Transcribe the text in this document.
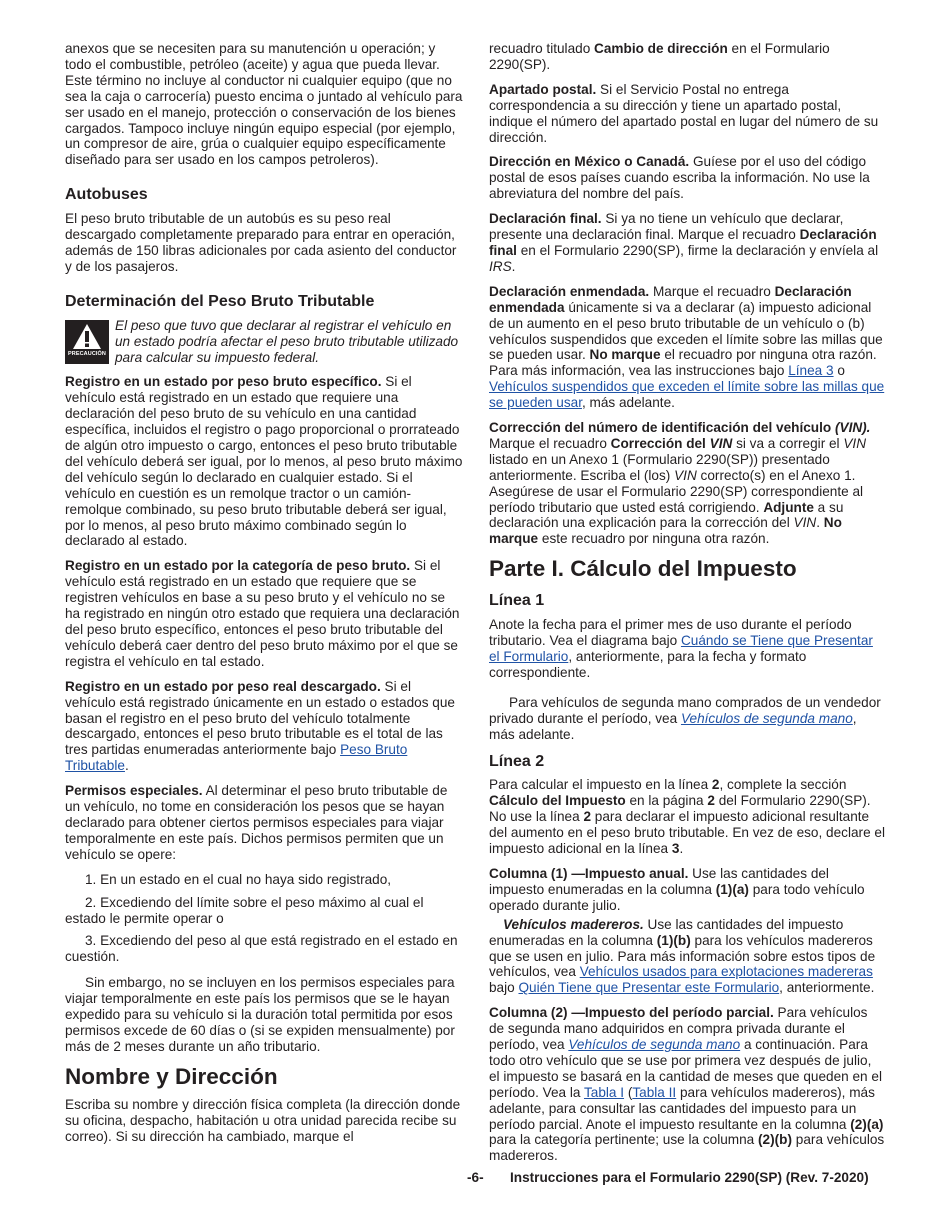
anexos que se necesiten para su manutención u operación; y todo el combustible, petróleo (aceite) y agua que pueda llevar. Este término no incluye al conductor ni cualquier equipo (que no sea la caja o carrocería) puesto encima o juntado al vehículo para ser usado en el manejo, protección o conservación de los bienes cargados. Tampoco incluye ningún equipo especial (por ejemplo, un compresor de aire, grúa o cualquier equipo específicamente diseñado para ser usado en los campos petroleros).

Autobuses

El peso bruto tributable de un autobús es su peso real descargado completamente preparado para entrar en operación, además de 150 libras adicionales por cada asiento del conductor y de los pasajeros.

Determinación del Peso Bruto Tributable
PRECAUCIÓN
El peso que tuvo que declarar al registrar el vehículo en un estado podría afectar el peso bruto tributable utilizado para calcular su impuesto federal.

Registro en un estado por peso bruto específico. Si el vehículo está registrado en un estado que requiere una declaración del peso bruto de su vehículo en una cantidad específica, incluidos el registro o pago proporcional o prorrateado de algún otro impuesto o cargo, entonces el peso bruto tributable del vehículo deberá ser igual, por lo menos, al peso bruto máximo del vehículo según lo declarado en cualquier estado. Si el vehículo en cuestión es un remolque tractor o un camión-remolque combinado, su peso bruto tributable deberá ser igual, por lo menos, al peso bruto máximo combinado según lo declarado al estado.

Registro en un estado por la categoría de peso bruto. Si el vehículo está registrado en un estado que requiere que se registren vehículos en base a su peso bruto y el vehículo no se ha registrado en ningún otro estado que requiera una declaración del peso bruto específico, entonces el peso bruto tributable del vehículo deberá caer dentro del peso bruto máximo por el que se registra el vehículo en tal estado.

Registro en un estado por peso real descargado. Si el vehículo está registrado únicamente en un estado o estados que basan el registro en el peso bruto del vehículo totalmente descargado, entonces el peso bruto tributable es el total de las tres partidas enumeradas anteriormente bajo Peso Bruto Tributable.

Permisos especiales. Al determinar el peso bruto tributable de un vehículo, no tome en consideración los pesos que se hayan declarado para obtener ciertos permisos especiales para viajar temporalmente en este país. Dichos permisos permiten que un vehículo se opere:

1. En un estado en el cual no haya sido registrado,
2. Excediendo del límite sobre el peso máximo al cual el estado le permite operar o
3. Excediendo del peso al que está registrado en el estado en cuestión.

Sin embargo, no se incluyen en los permisos especiales para viajar temporalmente en este país los permisos que se le hayan expedido para su vehículo si la duración total permitida por esos permisos excede de 60 días o (si se expiden mensualmente) por más de 2 meses durante un año tributario.

Nombre y Dirección

Escriba su nombre y dirección física completa (la dirección donde su oficina, despacho, habitación u otra unidad parecida recibe su correo). Si su dirección ha cambiado, marque el

recuadro titulado Cambio de dirección en el Formulario 2290(SP).

Apartado postal. Si el Servicio Postal no entrega correspondencia a su dirección y tiene un apartado postal, indique el número del apartado postal en lugar del número de su dirección.

Dirección en México o Canadá. Guíese por el uso del código postal de esos países cuando escriba la información. No use la abreviatura del nombre del país.

Declaración final. Si ya no tiene un vehículo que declarar, presente una declaración final. Marque el recuadro Declaración final en el Formulario 2290(SP), firme la declaración y envíela al IRS.

Declaración enmendada. Marque el recuadro Declaración enmendada únicamente si va a declarar (a) impuesto adicional de un aumento en el peso bruto tributable de un vehículo o (b) vehículos suspendidos que exceden el límite sobre las millas que se pueden usar. No marque el recuadro por ninguna otra razón. Para más información, vea las instrucciones bajo Línea 3 o Vehículos suspendidos que exceden el límite sobre las millas que se pueden usar, más adelante.

Corrección del número de identificación del vehículo (VIN). Marque el recuadro Corrección del VIN si va a corregir el VIN listado en un Anexo 1 (Formulario 2290(SP)) presentado anteriormente. Escriba el (los) VIN correcto(s) en el Anexo 1. Asegúrese de usar el Formulario 2290(SP) correspondiente al período tributario que usted está corrigiendo. Adjunte a su declaración una explicación para la corrección del VIN. No marque este recuadro por ninguna otra razón.

Parte I. Cálculo del Impuesto
Línea 1

Anote la fecha para el primer mes de uso durante el período tributario. Vea el diagrama bajo Cuándo se Tiene que Presentar el Formulario, anteriormente, para la fecha y formato correspondiente.

Para vehículos de segunda mano comprados de un vendedor privado durante el período, vea Vehículos de segunda mano, más adelante.

Línea 2

Para calcular el impuesto en la línea 2, complete la sección Cálculo del Impuesto en la página 2 del Formulario 2290(SP). No use la línea 2 para declarar el impuesto adicional resultante del aumento en el peso bruto tributable. En vez de eso, declare el impuesto adicional en la línea 3.

Columna (1) —Impuesto anual. Use las cantidades del impuesto enumeradas en la columna (1)(a) para todo vehículo operado durante julio.

Vehículos madereros. Use las cantidades del impuesto enumeradas en la columna (1)(b) para los vehículos madereros que se usen en julio. Para más información sobre estos tipos de vehículos, vea Vehículos usados para explotaciones madereras bajo Quién Tiene que Presentar este Formulario, anteriormente.

Columna (2) —Impuesto del período parcial. Para vehículos de segunda mano adquiridos en compra privada durante el período, vea Vehículos de segunda mano a continuación. Para todo otro vehículo que se use por primera vez después de julio, el impuesto se basará en la cantidad de meses que queden en el período. Vea la Tabla I (Tabla II para vehículos madereros), más adelante, para consultar las cantidades del impuesto para un período parcial. Anote el impuesto resultante en la columna (2)(a) para la categoría pertinente; use la columna (2)(b) para vehículos madereros.

-6- Instrucciones para el Formulario 2290(SP) (Rev. 7-2020)
